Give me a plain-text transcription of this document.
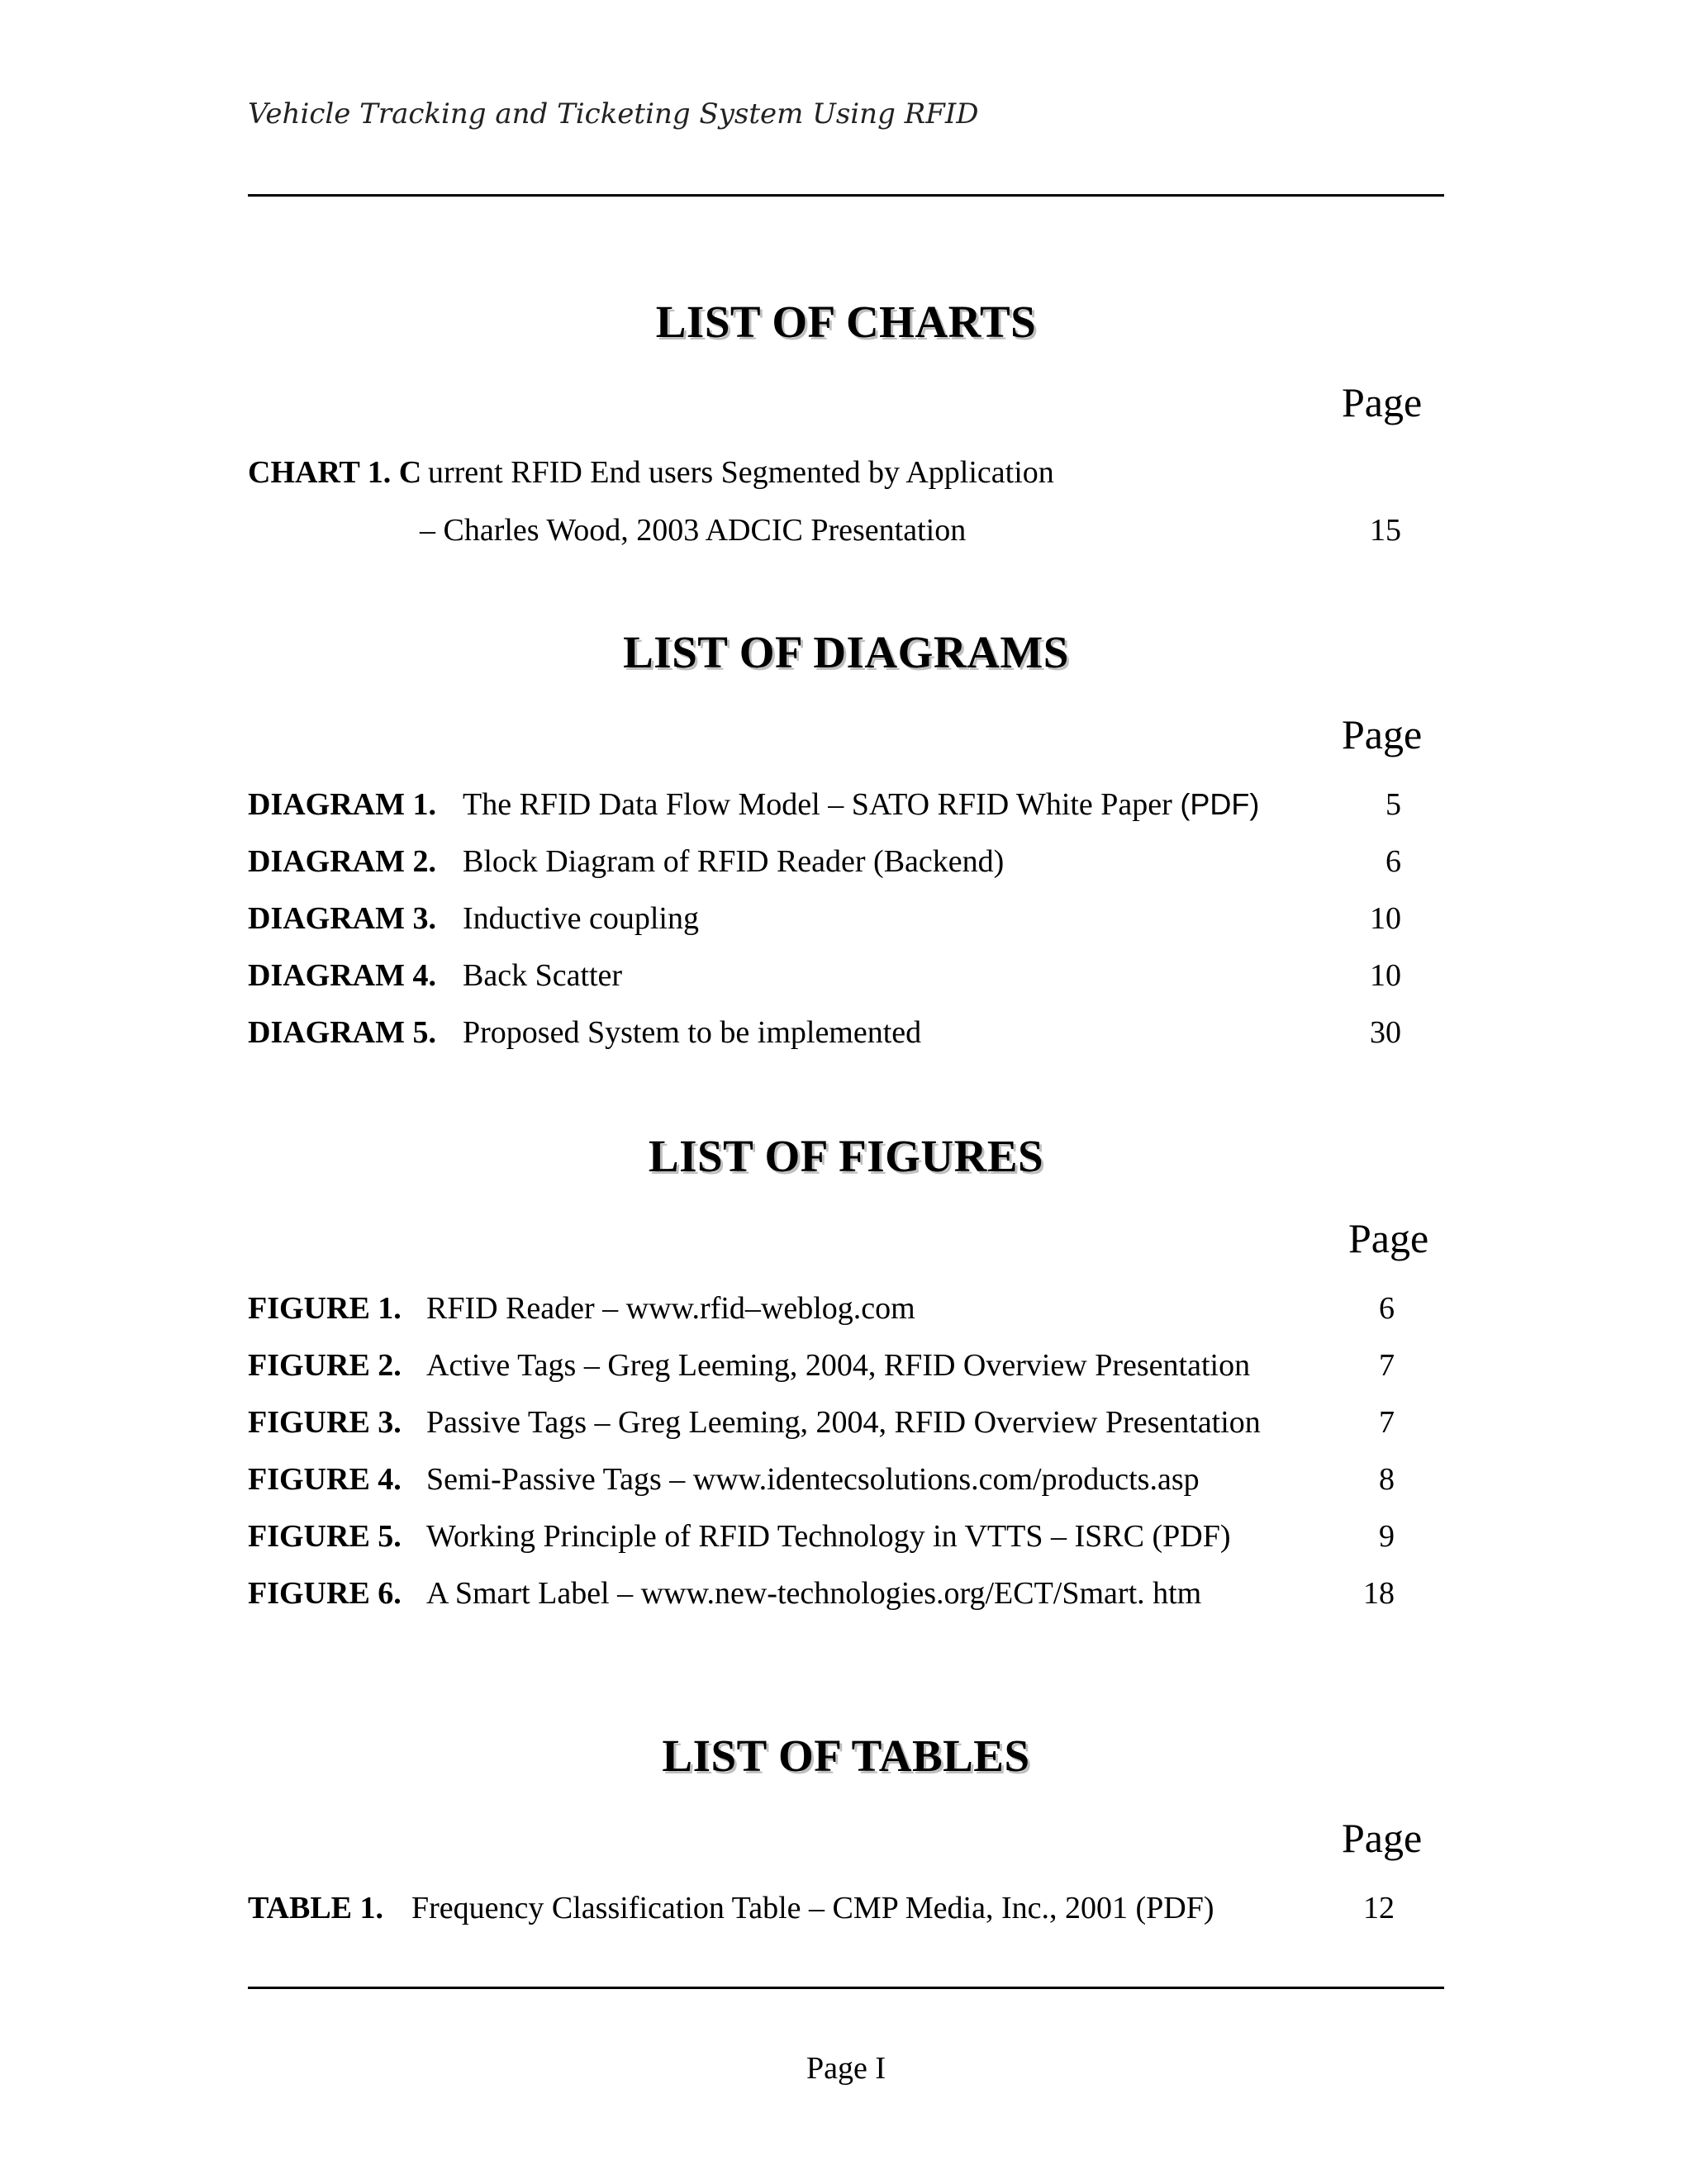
Vehicle Tracking and Ticketing System Using RFID
LIST OF CHARTS
Page
CHART 1. C urrent RFID End users Segmented by Application
– Charles Wood, 2003 ADCIC Presentation	15
LIST OF DIAGRAMS
Page
DIAGRAM 1. The RFID Data Flow Model – SATO RFID White Paper (PDF)	5
DIAGRAM 2. Block Diagram of RFID Reader (Backend)	6
DIAGRAM 3. Inductive coupling	10
DIAGRAM 4. Back Scatter	10
DIAGRAM 5. Proposed System to be implemented	30
LIST OF FIGURES
Page
FIGURE 1. RFID Reader – www.rfid–weblog.com	6
FIGURE 2. Active Tags – Greg Leeming, 2004, RFID Overview Presentation	7
FIGURE 3. Passive Tags – Greg Leeming, 2004, RFID Overview Presentation	7
FIGURE 4. Semi-Passive Tags – www.identecsolutions.com/products.asp	8
FIGURE 5. Working Principle of RFID Technology in VTTS – ISRC (PDF)	9
FIGURE 6. A Smart Label – www.new-technologies.org/ECT/Smart. htm	18
LIST OF TABLES
Page
TABLE 1. Frequency Classification Table – CMP Media, Inc., 2001 (PDF)	12
Page I
